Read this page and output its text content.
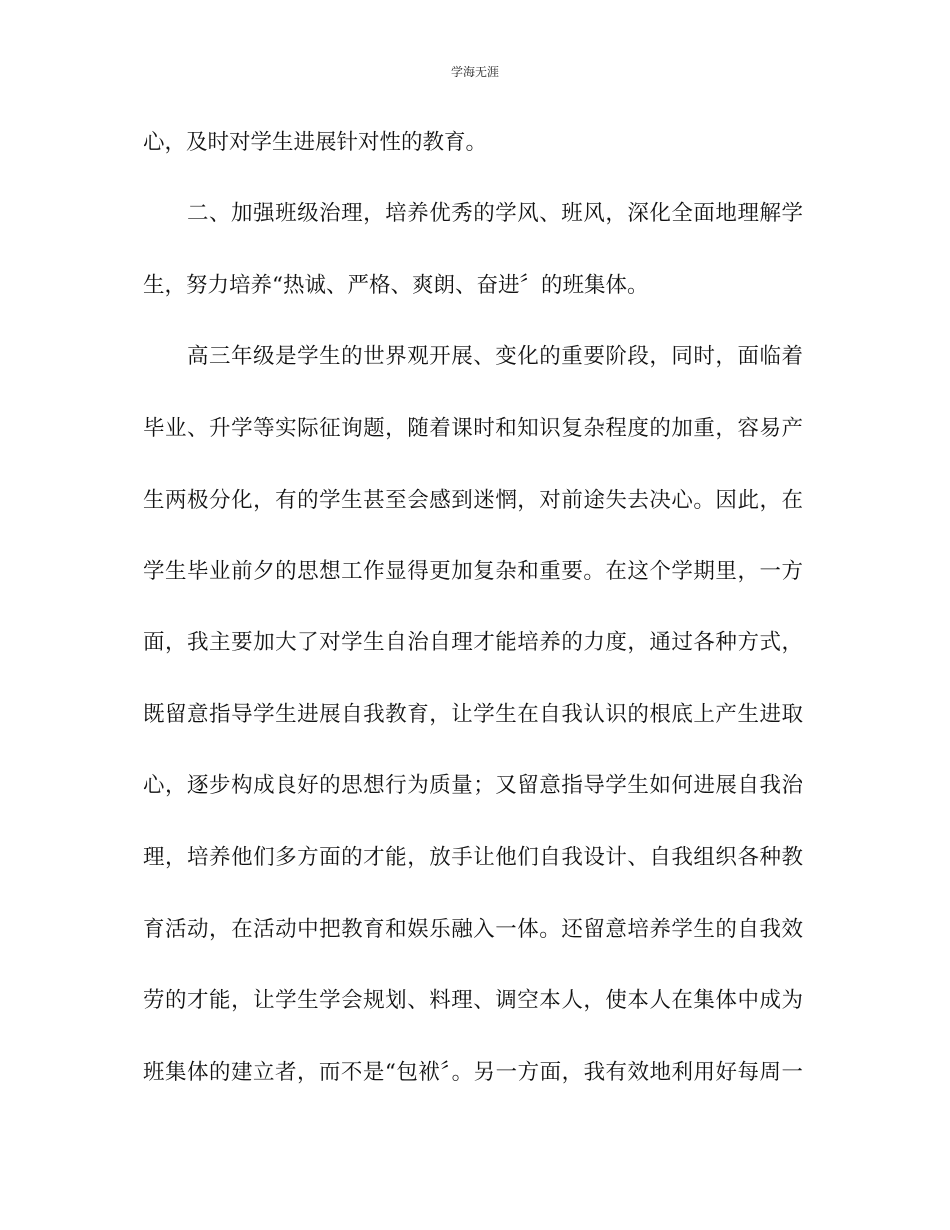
学海无涯
心，及时对学生进展针对性的教育。
二、加强班级治理，培养优秀的学风、班风，深化全面地理解学
生，努力培养“热诚、严格、爽朗、奋进〞的班集体。
高三年级是学生的世界观开展、变化的重要阶段，同时，面临着
毕业、升学等实际征询题，随着课时和知识复杂程度的加重，容易产
生两极分化，有的学生甚至会感到迷惘，对前途失去决心。因此，在
学生毕业前夕的思想工作显得更加复杂和重要。在这个学期里，一方
面，我主要加大了对学生自治自理才能培养的力度，通过各种方式，
既留意指导学生进展自我教育，让学生在自我认识的根底上产生进取
心，逐步构成良好的思想行为质量；又留意指导学生如何进展自我治
理，培养他们多方面的才能，放手让他们自我设计、自我组织各种教
育活动，在活动中把教育和娱乐融入一体。还留意培养学生的自我效
劳的才能，让学生学会规划、料理、调空本人，使本人在集体中成为
班集体的建立者，而不是“包袱〞。另一方面，我有效地利用好每周一
